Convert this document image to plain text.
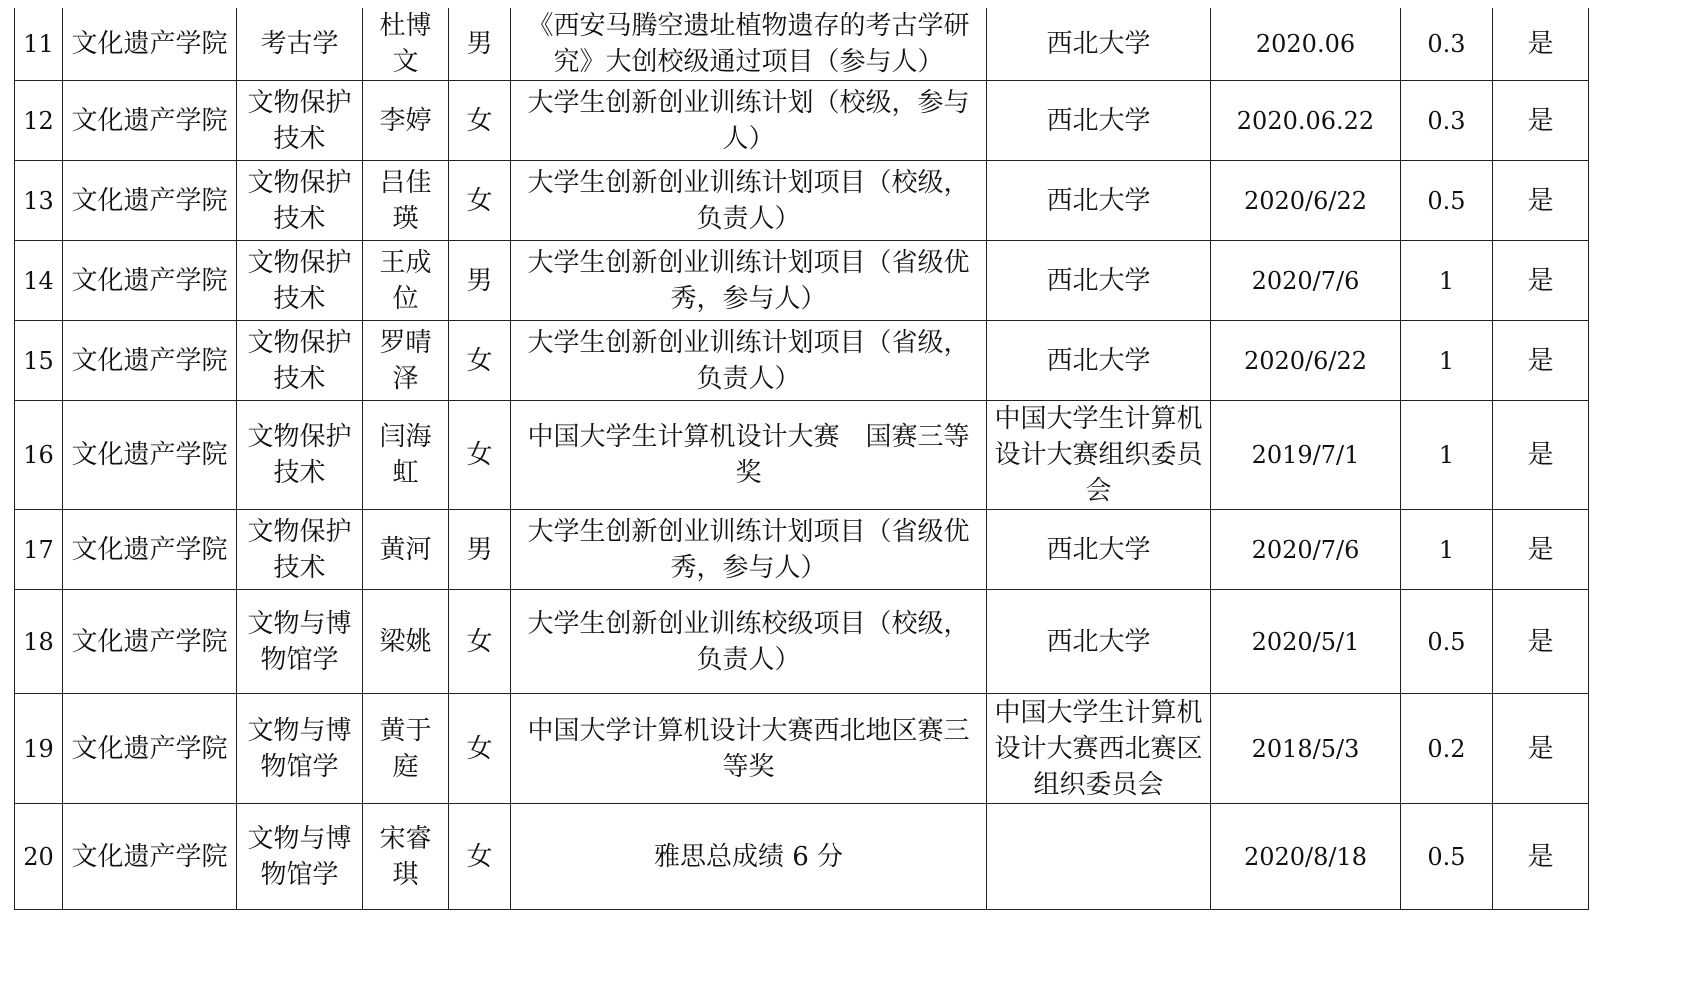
11	文化遗产学院	考古学	杜博文	男	《西安马腾空遗址植物遗存的考古学研究》大创校级通过项目（参与人）	西北大学	2020.06	0.3	是
12	文化遗产学院	文物保护技术	李婷	女	大学生创新创业训练计划（校级，参与人）	西北大学	2020.06.22	0.3	是
13	文化遗产学院	文物保护技术	吕佳瑛	女	大学生创新创业训练计划项目（校级，负责人）	西北大学	2020/6/22	0.5	是
14	文化遗产学院	文物保护技术	王成位	男	大学生创新创业训练计划项目（省级优秀，参与人）	西北大学	2020/7/6	1	是
15	文化遗产学院	文物保护技术	罗晴泽	女	大学生创新创业训练计划项目（省级，负责人）	西北大学	2020/6/22	1	是
16	文化遗产学院	文物保护技术	闫海虹	女	中国大学生计算机设计大赛　国赛三等奖	中国大学生计算机设计大赛组织委员会	2019/7/1	1	是
17	文化遗产学院	文物保护技术	黄河	男	大学生创新创业训练计划项目（省级优秀，参与人）	西北大学	2020/7/6	1	是
18	文化遗产学院	文物与博物馆学	梁姚	女	大学生创新创业训练校级项目（校级，负责人）	西北大学	2020/5/1	0.5	是
19	文化遗产学院	文物与博物馆学	黄于庭	女	中国大学计算机设计大赛西北地区赛三等奖	中国大学生计算机设计大赛西北赛区组织委员会	2018/5/3	0.2	是
20	文化遗产学院	文物与博物馆学	宋睿琪	女	雅思总成绩 6 分		2020/8/18	0.5	是
